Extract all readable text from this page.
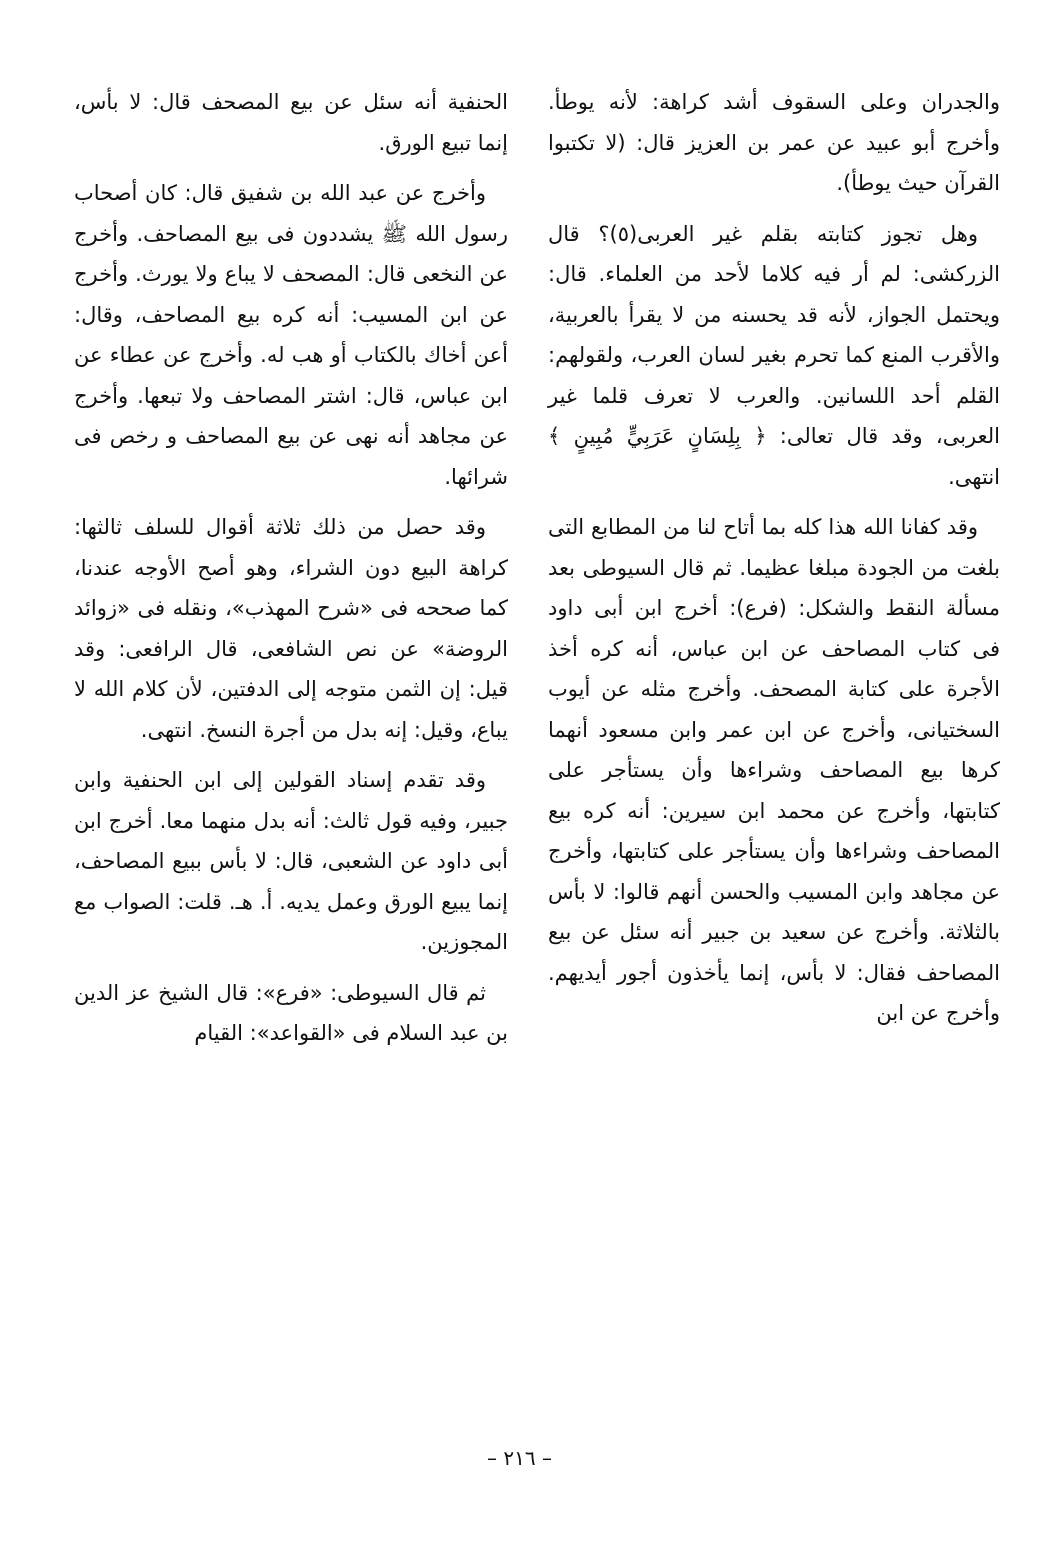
والجدران وعلى السقوف أشد كراهة: لأنه يوطأ. وأخرج أبو عبيد عن عمر بن العزيز قال: (لا تكتبوا القرآن حيث يوطأ).

وهل تجوز كتابته بقلم غير العربى(٥)؟ قال الزركشى: لم أر فيه كلاما لأحد من العلماء. قال: ويحتمل الجواز، لأنه قد يحسنه من لا يقرأ بالعربية، والأقرب المنع كما تحرم بغير لسان العرب، ولقولهم: القلم أحد اللسانين. والعرب لا تعرف قلما غير العربى، وقد قال تعالى: ﴿ بِلِسَانٍ عَرَبِيٍّ مُبِينٍ ﴾ انتهى.

وقد كفانا الله هذا كله بما أتاح لنا من المطابع التى بلغت من الجودة مبلغا عظيما. ثم قال السيوطى بعد مسألة النقط والشكل: (فرع): أخرج ابن أبى داود فى كتاب المصاحف عن ابن عباس، أنه كره أخذ الأجرة على كتابة المصحف. وأخرج مثله عن أيوب السختيانى، وأخرج عن ابن عمر وابن مسعود أنهما كرها بيع المصاحف وشراءها وأن يستأجر على كتابتها، وأخرج عن محمد ابن سيرين: أنه كره بيع المصاحف وشراءها وأن يستأجر على كتابتها، وأخرج عن مجاهد وابن المسيب والحسن أنهم قالوا: لا بأس بالثلاثة. وأخرج عن سعيد بن جبير أنه سئل عن بيع المصاحف فقال: لا بأس، إنما يأخذون أجور أيديهم. وأخرج عن ابن

الحنفية أنه سئل عن بيع المصحف قال: لا بأس، إنما تبيع الورق.

وأخرج عن عبد الله بن شفيق قال: كان أصحاب رسول الله ﷺ يشددون فى بيع المصاحف. وأخرج عن النخعى قال: المصحف لا يباع ولا يورث. وأخرج عن ابن المسيب: أنه كره بيع المصاحف، وقال: أعن أخاك بالكتاب أو هب له. وأخرج عن عطاء عن ابن عباس، قال: اشتر المصاحف ولا تبعها. وأخرج عن مجاهد أنه نهى عن بيع المصاحف و رخص فى شرائها.

وقد حصل من ذلك ثلاثة أقوال للسلف ثالثها: كراهة البيع دون الشراء، وهو أصح الأوجه عندنا، كما صححه فى «شرح المهذب»، ونقله فى «زوائد الروضة» عن نص الشافعى، قال الرافعى: وقد قيل: إن الثمن متوجه إلى الدفتين، لأن كلام الله لا يباع، وقيل: إنه بدل من أجرة النسخ. انتهى.

وقد تقدم إسناد القولين إلى ابن الحنفية وابن جبير، وفيه قول ثالث: أنه بدل منهما معا. أخرج ابن أبى داود عن الشعبى، قال: لا بأس ببيع المصاحف، إنما يبيع الورق وعمل يديه. أ. هـ. قلت: الصواب مع المجوزين.

ثم قال السيوطى: «فرع»: قال الشيخ عز الدين بن عبد السلام فى «القواعد»: القيام

– ٢١٦ –
